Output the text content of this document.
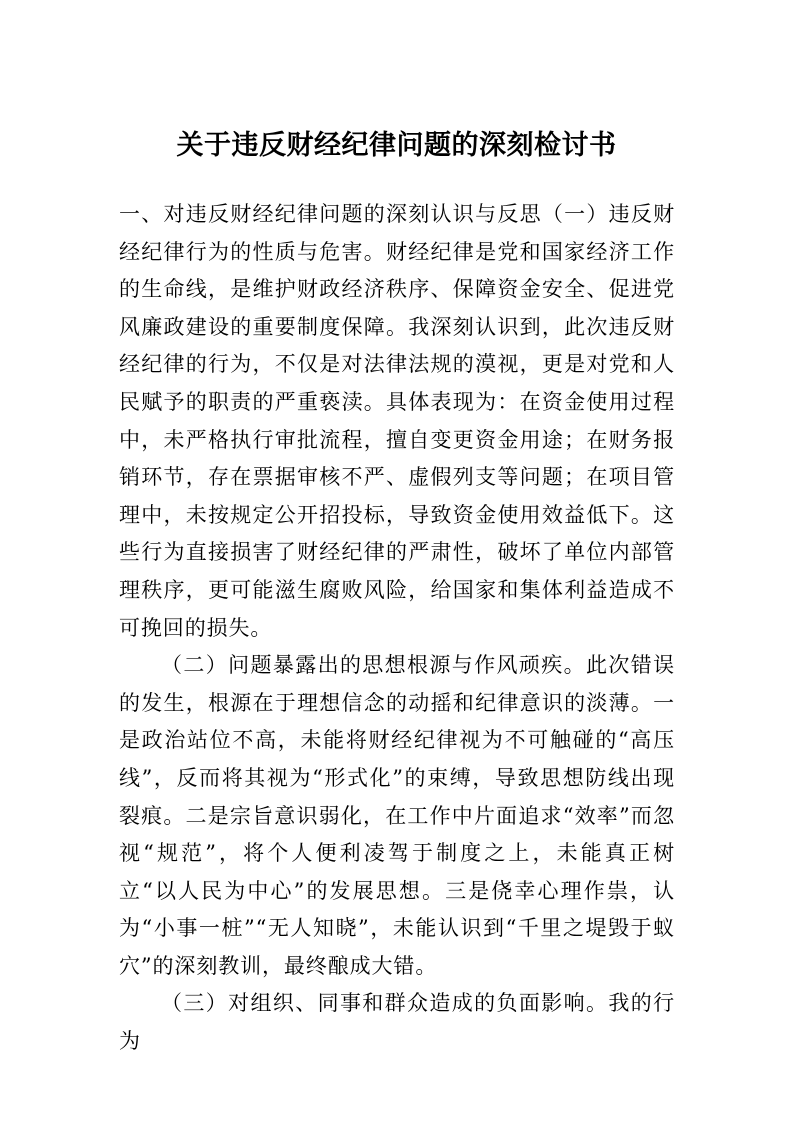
关于违反财经纪律问题的深刻检讨书

一、对违反财经纪律问题的深刻认识与反思（一）违反财经纪律行为的性质与危害。财经纪律是党和国家经济工作的生命线，是维护财政经济秩序、保障资金安全、促进党风廉政建设的重要制度保障。我深刻认识到，此次违反财经纪律的行为，不仅是对法律法规的漠视，更是对党和人民赋予的职责的严重亵渎。具体表现为：在资金使用过程中，未严格执行审批流程，擅自变更资金用途；在财务报销环节，存在票据审核不严、虚假列支等问题；在项目管理中，未按规定公开招投标，导致资金使用效益低下。这些行为直接损害了财经纪律的严肃性，破坏了单位内部管理秩序，更可能滋生腐败风险，给国家和集体利益造成不可挽回的损失。

（二）问题暴露出的思想根源与作风顽疾。此次错误的发生，根源在于理想信念的动摇和纪律意识的淡薄。一是政治站位不高，未能将财经纪律视为不可触碰的“高压线”，反而将其视为“形式化”的束缚，导致思想防线出现裂痕。二是宗旨意识弱化，在工作中片面追求“效率”而忽视“规范”，将个人便利凌驾于制度之上，未能真正树立“以人民为中心”的发展思想。三是侥幸心理作祟，认为“小事一桩”“无人知晓”，未能认识到“千里之堤毁于蚁穴”的深刻教训，最终酿成大错。

（三）对组织、同事和群众造成的负面影响。我的行为
